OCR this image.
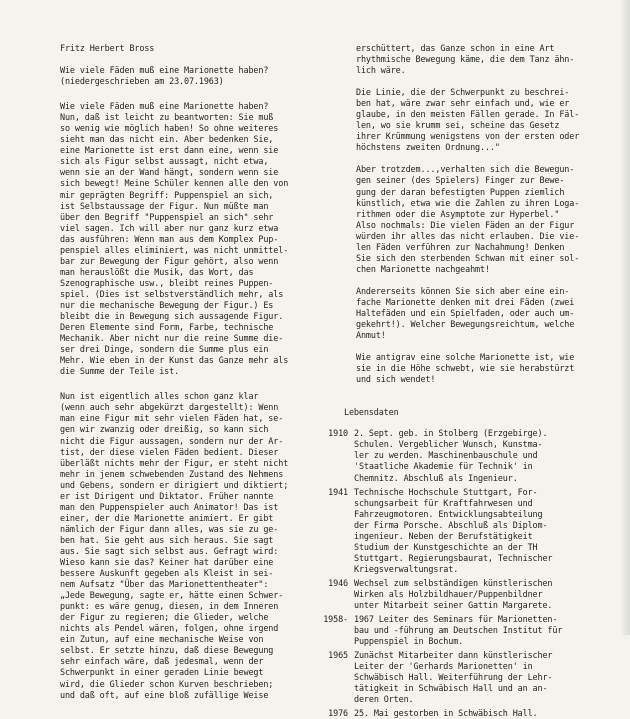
Fritz Herbert Bross

Wie viele Fäden muß eine Marionette haben?

(niedergeschrieben am 23.07.1963)

Wie viele Fäden muß eine Marionette haben?

Nun, daß ist leicht zu beantworten: Sie muß

so wenig wie möglich haben! So ohne weiteres

sieht man das nicht ein. Aber bedenken Sie,

eine Marionette ist erst dann eine, wenn sie

sich als Figur selbst aussagt, nicht etwa,

wenn sie an der Wand hängt, sondern wenn sie

sich bewegt! Meine Schüler kennen alle den von

mir geprägten Begriff: Puppenspiel an sich,

ist Selbstaussage der Figur. Nun müßte man

über den Begriff "Puppenspiel an sich" sehr

viel sagen. Ich will aber nur ganz kurz etwa

das ausführen: Wenn man aus dem Komplex Pup-

penspiel alles eliminiert, was nicht unmittel-

bar zur Bewegung der Figur gehört, also wenn

man herauslößt die Musik, das Wort, das

Szenographische usw., bleibt reines Puppen-

spiel. (Dies ist selbstverständlich mehr, als

nur die mechanische Bewegung der Figur.) Es

bleibt die in Bewegung sich aussagende Figur.

Deren Elemente sind Form, Farbe, technische

Mechanik. Aber nicht nur die reine Summe die-

ser drei Dinge, sondern die Summe plus ein

Mehr. Wie eben in der Kunst das Ganze mehr als

die Summe der Teile ist.

Nun ist eigentlich alles schon ganz klar

(wenn auch sehr abgekürzt dargestellt): Wenn

man eine Figur mit sehr vielen Fäden hat, se-

gen wir zwanzig oder dreißig, so kann sich

nicht die Figur aussagen, sondern nur der Ar-

tist, der diese vielen Fäden bedient. Dieser

überläßt nichts mehr der Figur, er steht nicht

mehr in jenem schwebenden Zustand des Nehmens

und Gebens, sondern er dirigiert und diktiert;

er ist Dirigent und Diktator. Früher nannte

man den Puppenspieler auch Animator! Das ist

einer, der die Marionette animiert. Er gibt

nämlich der Figur dann alles, was sie zu ge-

ben hat. Sie geht aus sich heraus. Sie sagt

aus. Sie sagt sich selbst aus. Gefragt wird:

Wieso kann sie das? Keiner hat darüber eine

bessere Auskunft gegeben als Kleist in sei-

nem Aufsatz "Über das Marionettentheater":

„Jede Bewegung, sagte er, hätte einen Schwer-

punkt: es wäre genug, diesen, in dem Inneren

der Figur zu regieren; die Glieder, welche

nichts als Pendel wären, folgen, ohne irgend

ein Zutun, auf eine mechanische Weise von

selbst. Er setzte hinzu, daß diese Bewegung

sehr einfach wäre, daß jedesmal, wenn der

Schwerpunkt in einer geraden Linie bewegt

wird, die Glieder schon Kurven beschrieben;

und daß oft, auf eine bloß zufällige Weise

erschüttert, das Ganze schon in eine Art

rhythmische Bewegung käme, die dem Tanz ähn-

lich wäre.

Die Linie, die der Schwerpunkt zu beschrei-

ben hat, wäre zwar sehr einfach und, wie er

glaube, in den meisten Fällen gerade. In Fäl-

len, wo sie krumm sei, scheine das Gesetz

ihrer Krümmung wenigstens von der ersten oder

höchstens zweiten Ordnung..."

Aber trotzdem...,verhalten sich die Bewegun-

gen seiner (des Spielers) Finger zur Bewe-

gung der daran befestigten Puppen ziemlich

künstlich, etwa wie die Zahlen zu ihren Loga-

rithmen oder die Asymptote zur Hyperbel."

Also nochmals: Die vielen Fäden an der Figur

würden ihr alles das nicht erlauben. Die vie-

len Fäden verführen zur Nachahmung! Denken

Sie sich den sterbenden Schwan mit einer sol-

chen Marionette nachgeahmt!

Andererseits können Sie sich aber eine ein-

fache Marionette denken mit drei Fäden (zwei

Haltefäden und ein Spielfaden, oder auch um-

gekehrt!). Welcher Bewegungsreichtum, welche

Anmut!

Wie antigrav eine solche Marionette ist, wie

sie in die Höhe schwebt, wie sie herabstürzt

und sich wendet!

Lebensdaten

1910 2. Sept. geb. in Stolberg (Erzgebirge).

Schulen. Vergeblicher Wunsch, Kunstma-

ler zu werden. Maschinenbauschule und

'Staatliche Akademie für Technik' in

Chemnitz. Abschluß als Ingenieur.

1941 Technische Hochschule Stuttgart, For-

schungsarbeit für Kraftfahrwesen und

Fahrzeugmotoren. Entwicklungsabteilung

der Firma Porsche. Abschluß als Diplom-

ingenieur. Neben der Berufstätigkeit

Studium der Kunstgeschichte an der TH

Stuttgart. Regierungsbaurat, Technischer

Kriegsverwaltungsrat.

1946 Wechsel zum selbständigen künstlerischen

Wirken als Holzbildhauer/Puppenbildner

unter Mitarbeit seiner Gattin Margarete.

1958- 1967 Leiter des Seminars für Marionetten-

bau und -führung am Deutschen Institut für

Puppenspiel in Bochum.

1965 Zunächst Mitarbeiter dann künstlerischer

Leiter der 'Gerhards Marionetten' in

Schwäbisch Hall. Weiterführung der Lehr-

tätigkeit in Schwäbisch Hall und an an-

deren Orten.

1976 25. Mai gestorben in Schwäbisch Hall.
